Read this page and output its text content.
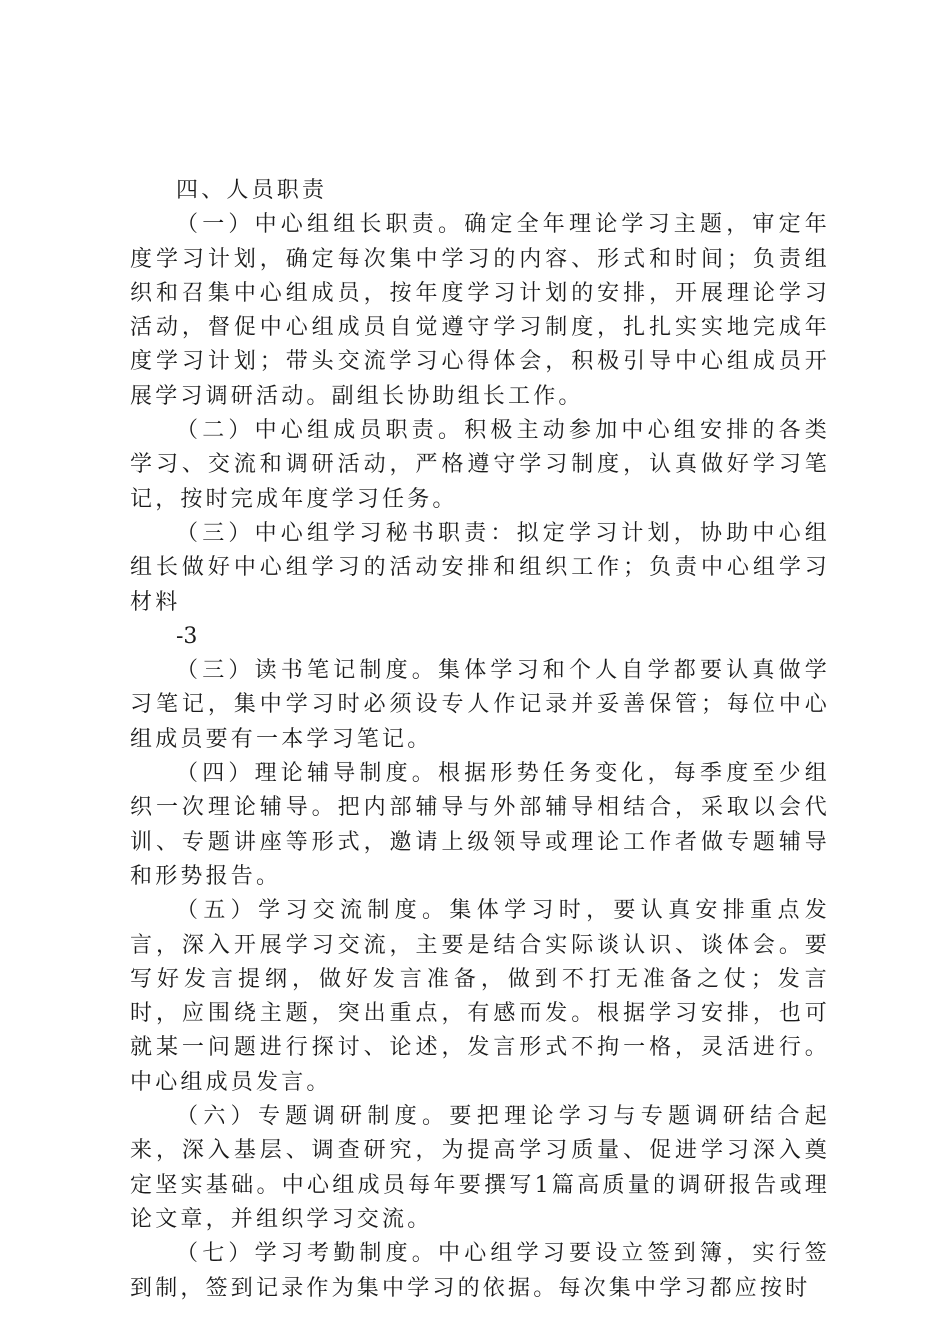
四、人员职责

（一）中心组组长职责。确定全年理论学习主题，审定年度学习计划，确定每次集中学习的内容、形式和时间；负责组织和召集中心组成员，按年度学习计划的安排，开展理论学习活动，督促中心组成员自觉遵守学习制度，扎扎实实地完成年度学习计划；带头交流学习心得体会，积极引导中心组成员开展学习调研活动。副组长协助组长工作。

（二）中心组成员职责。积极主动参加中心组安排的各类学习、交流和调研活动，严格遵守学习制度，认真做好学习笔记，按时完成年度学习任务。

（三）中心组学习秘书职责：拟定学习计划，协助中心组组长做好中心组学习的活动安排和组织工作；负责中心组学习材料

-3

（三）读书笔记制度。集体学习和个人自学都要认真做学习笔记，集中学习时必须设专人作记录并妥善保管；每位中心组成员要有一本学习笔记。

（四）理论辅导制度。根据形势任务变化，每季度至少组织一次理论辅导。把内部辅导与外部辅导相结合，采取以会代训、专题讲座等形式，邀请上级领导或理论工作者做专题辅导和形势报告。

（五）学习交流制度。集体学习时，要认真安排重点发言，深入开展学习交流，主要是结合实际谈认识、谈体会。要写好发言提纲，做好发言准备，做到不打无准备之仗；发言时，应围绕主题，突出重点，有感而发。根据学习安排，也可就某一问题进行探讨、论述，发言形式不拘一格，灵活进行。中心组成员发言。

（六）专题调研制度。要把理论学习与专题调研结合起来，深入基层、调查研究，为提高学习质量、促进学习深入奠定坚实基础。中心组成员每年要撰写1篇高质量的调研报告或理论文章，并组织学习交流。

（七）学习考勤制度。中心组学习要设立签到簿，实行签到制，签到记录作为集中学习的依据。每次集中学习都应按时
